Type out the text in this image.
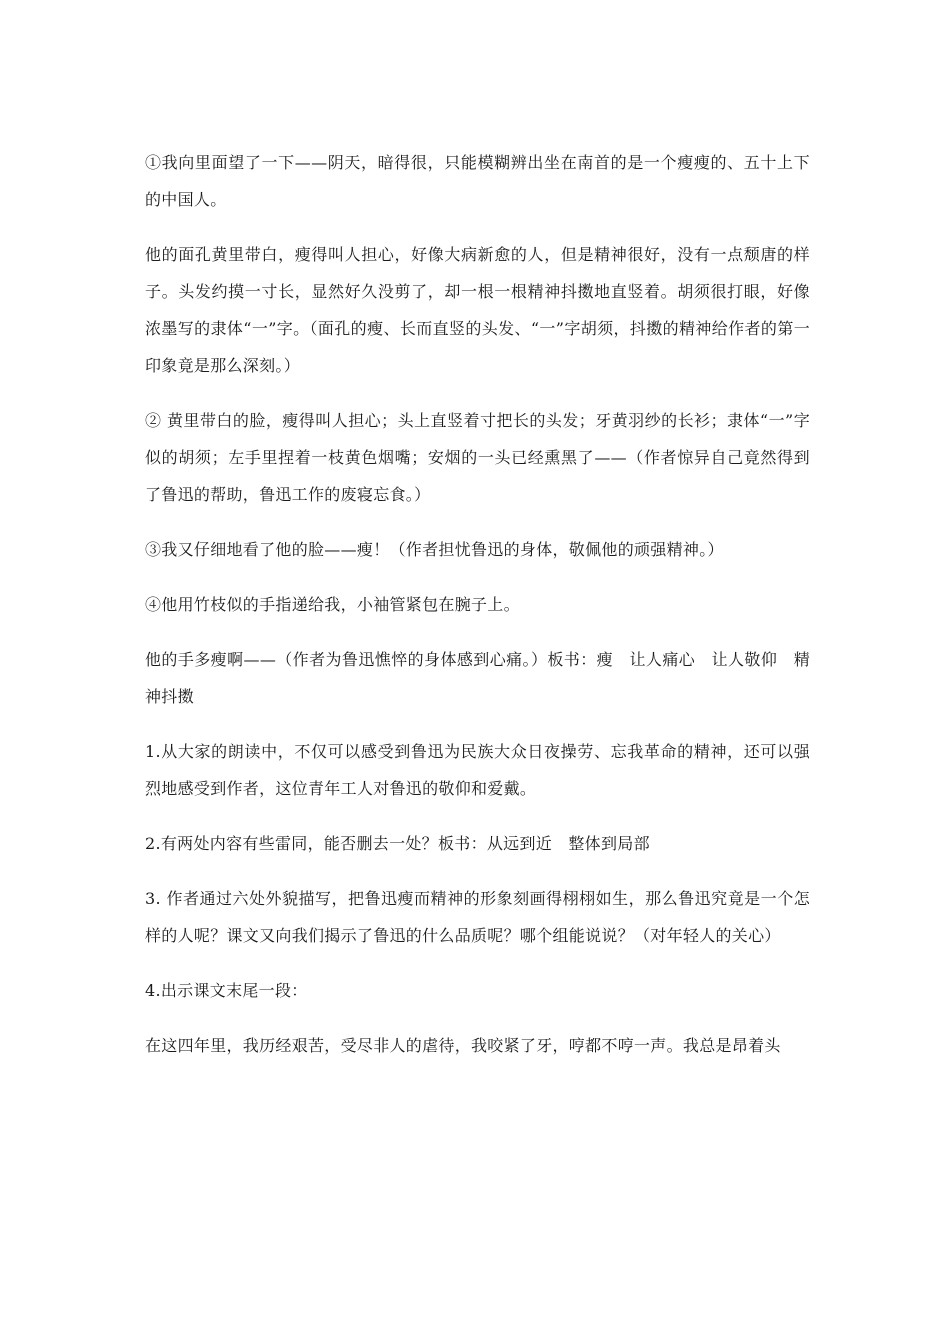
①我向里面望了一下——阴天，暗得很，只能模糊辨出坐在南首的是一个瘦瘦的、五十上下的中国人。

他的面孔黄里带白，瘦得叫人担心，好像大病新愈的人，但是精神很好，没有一点颓唐的样子。头发约摸一寸长，显然好久没剪了，却一根一根精神抖擞地直竖着。胡须很打眼，好像浓墨写的隶体“一”字。（面孔的瘦、长而直竖的头发、“一”字胡须，抖擞的精神给作者的第一印象竟是那么深刻。）

② 黄里带白的脸，瘦得叫人担心；头上直竖着寸把长的头发；牙黄羽纱的长衫；隶体“一”字似的胡须；左手里捏着一枝黄色烟嘴；安烟的一头已经熏黑了——（作者惊异自己竟然得到了鲁迅的帮助，鲁迅工作的废寝忘食。）

③我又仔细地看了他的脸——瘦！（作者担忧鲁迅的身体，敬佩他的顽强精神。）

④他用竹枝似的手指递给我，小袖管紧包在腕子上。

他的手多瘦啊——（作者为鲁迅憔悴的身体感到心痛。）板书：瘦　让人痛心　让人敬仰　精神抖擞

1.从大家的朗读中，不仅可以感受到鲁迅为民族大众日夜操劳、忘我革命的精神，还可以强烈地感受到作者，这位青年工人对鲁迅的敬仰和爱戴。

2.有两处内容有些雷同，能否删去一处？板书：从远到近　整体到局部

3. 作者通过六处外貌描写，把鲁迅瘦而精神的形象刻画得栩栩如生，那么鲁迅究竟是一个怎样的人呢？课文又向我们揭示了鲁迅的什么品质呢？哪个组能说说？（对年轻人的关心）

4.出示课文末尾一段：

在这四年里，我历经艰苦，受尽非人的虐待，我咬紧了牙，哼都不哼一声。我总是昂着头
